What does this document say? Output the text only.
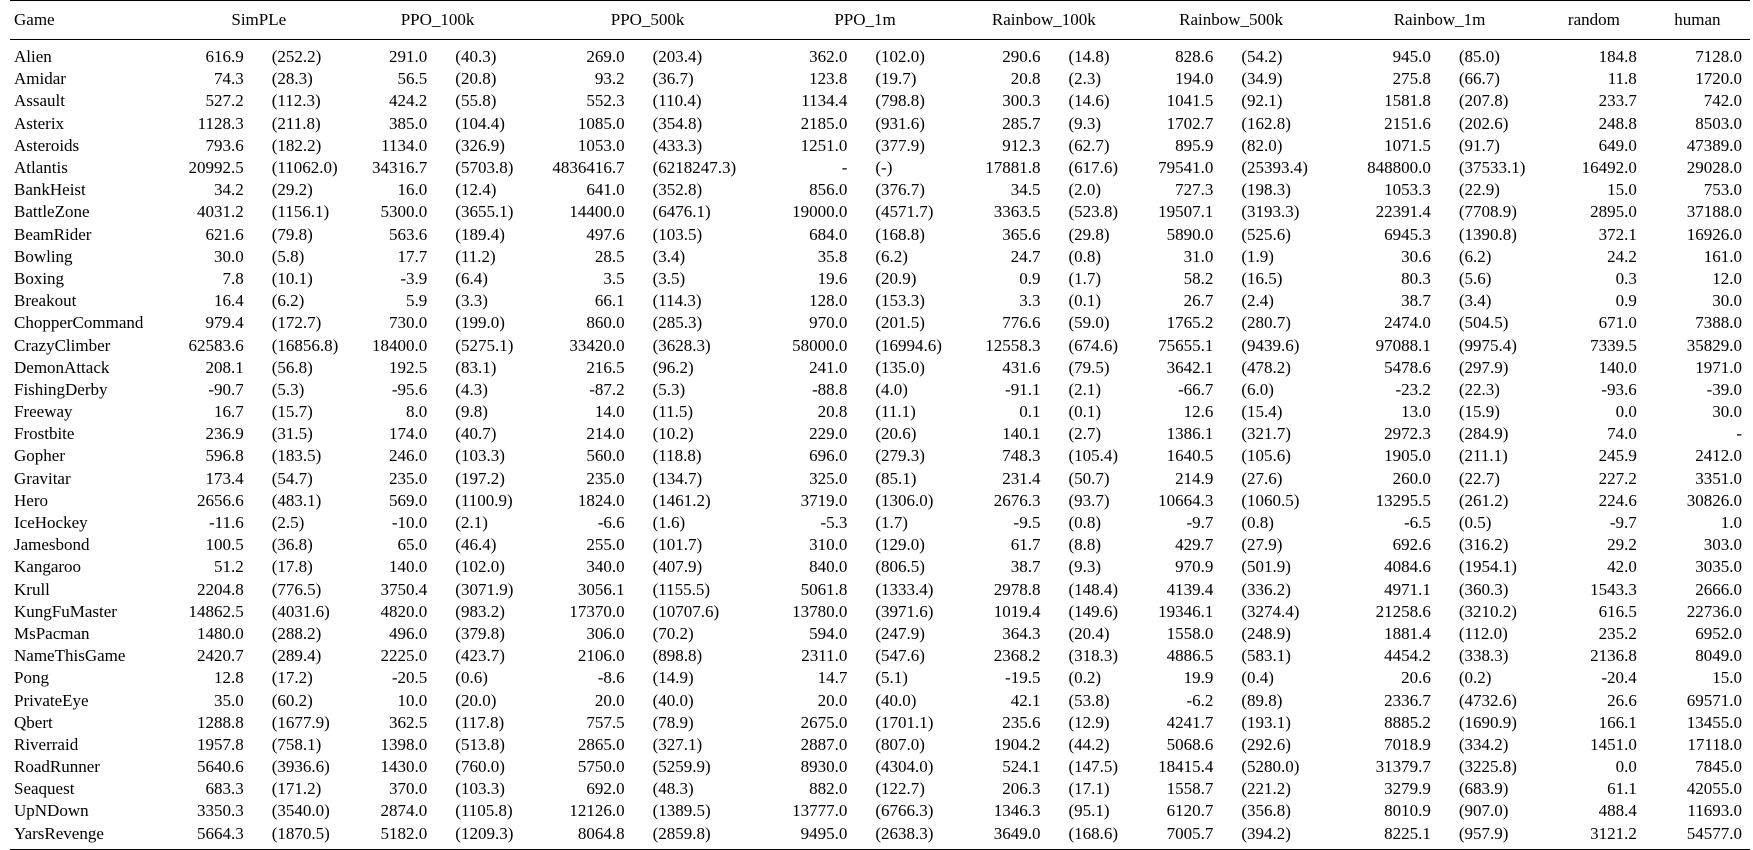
Game	SimPLe		PPO_100k		PPO_500k		PPO_1m		Rainbow_100k		Rainbow_500k		Rainbow_1m		random	human
Alien	616.9	(252.2)	291.0	(40.3)	269.0	(203.4)	362.0	(102.0)	290.6	(14.8)	828.6	(54.2)	945.0	(85.0)	184.8	7128.0
Amidar	74.3	(28.3)	56.5	(20.8)	93.2	(36.7)	123.8	(19.7)	20.8	(2.3)	194.0	(34.9)	275.8	(66.7)	11.8	1720.0
Assault	527.2	(112.3)	424.2	(55.8)	552.3	(110.4)	1134.4	(798.8)	300.3	(14.6)	1041.5	(92.1)	1581.8	(207.8)	233.7	742.0
Asterix	1128.3	(211.8)	385.0	(104.4)	1085.0	(354.8)	2185.0	(931.6)	285.7	(9.3)	1702.7	(162.8)	2151.6	(202.6)	248.8	8503.0
Asteroids	793.6	(182.2)	1134.0	(326.9)	1053.0	(433.3)	1251.0	(377.9)	912.3	(62.7)	895.9	(82.0)	1071.5	(91.7)	649.0	47389.0
Atlantis	20992.5	(11062.0)	34316.7	(5703.8)	4836416.7	(6218247.3)	-	(-)	17881.8	(617.6)	79541.0	(25393.4)	848800.0	(37533.1)	16492.0	29028.0
BankHeist	34.2	(29.2)	16.0	(12.4)	641.0	(352.8)	856.0	(376.7)	34.5	(2.0)	727.3	(198.3)	1053.3	(22.9)	15.0	753.0
BattleZone	4031.2	(1156.1)	5300.0	(3655.1)	14400.0	(6476.1)	19000.0	(4571.7)	3363.5	(523.8)	19507.1	(3193.3)	22391.4	(7708.9)	2895.0	37188.0
BeamRider	621.6	(79.8)	563.6	(189.4)	497.6	(103.5)	684.0	(168.8)	365.6	(29.8)	5890.0	(525.6)	6945.3	(1390.8)	372.1	16926.0
Bowling	30.0	(5.8)	17.7	(11.2)	28.5	(3.4)	35.8	(6.2)	24.7	(0.8)	31.0	(1.9)	30.6	(6.2)	24.2	161.0
Boxing	7.8	(10.1)	-3.9	(6.4)	3.5	(3.5)	19.6	(20.9)	0.9	(1.7)	58.2	(16.5)	80.3	(5.6)	0.3	12.0
Breakout	16.4	(6.2)	5.9	(3.3)	66.1	(114.3)	128.0	(153.3)	3.3	(0.1)	26.7	(2.4)	38.7	(3.4)	0.9	30.0
ChopperCommand	979.4	(172.7)	730.0	(199.0)	860.0	(285.3)	970.0	(201.5)	776.6	(59.0)	1765.2	(280.7)	2474.0	(504.5)	671.0	7388.0
CrazyClimber	62583.6	(16856.8)	18400.0	(5275.1)	33420.0	(3628.3)	58000.0	(16994.6)	12558.3	(674.6)	75655.1	(9439.6)	97088.1	(9975.4)	7339.5	35829.0
DemonAttack	208.1	(56.8)	192.5	(83.1)	216.5	(96.2)	241.0	(135.0)	431.6	(79.5)	3642.1	(478.2)	5478.6	(297.9)	140.0	1971.0
FishingDerby	-90.7	(5.3)	-95.6	(4.3)	-87.2	(5.3)	-88.8	(4.0)	-91.1	(2.1)	-66.7	(6.0)	-23.2	(22.3)	-93.6	-39.0
Freeway	16.7	(15.7)	8.0	(9.8)	14.0	(11.5)	20.8	(11.1)	0.1	(0.1)	12.6	(15.4)	13.0	(15.9)	0.0	30.0
Frostbite	236.9	(31.5)	174.0	(40.7)	214.0	(10.2)	229.0	(20.6)	140.1	(2.7)	1386.1	(321.7)	2972.3	(284.9)	74.0	-
Gopher	596.8	(183.5)	246.0	(103.3)	560.0	(118.8)	696.0	(279.3)	748.3	(105.4)	1640.5	(105.6)	1905.0	(211.1)	245.9	2412.0
Gravitar	173.4	(54.7)	235.0	(197.2)	235.0	(134.7)	325.0	(85.1)	231.4	(50.7)	214.9	(27.6)	260.0	(22.7)	227.2	3351.0
Hero	2656.6	(483.1)	569.0	(1100.9)	1824.0	(1461.2)	3719.0	(1306.0)	2676.3	(93.7)	10664.3	(1060.5)	13295.5	(261.2)	224.6	30826.0
IceHockey	-11.6	(2.5)	-10.0	(2.1)	-6.6	(1.6)	-5.3	(1.7)	-9.5	(0.8)	-9.7	(0.8)	-6.5	(0.5)	-9.7	1.0
Jamesbond	100.5	(36.8)	65.0	(46.4)	255.0	(101.7)	310.0	(129.0)	61.7	(8.8)	429.7	(27.9)	692.6	(316.2)	29.2	303.0
Kangaroo	51.2	(17.8)	140.0	(102.0)	340.0	(407.9)	840.0	(806.5)	38.7	(9.3)	970.9	(501.9)	4084.6	(1954.1)	42.0	3035.0
Krull	2204.8	(776.5)	3750.4	(3071.9)	3056.1	(1155.5)	5061.8	(1333.4)	2978.8	(148.4)	4139.4	(336.2)	4971.1	(360.3)	1543.3	2666.0
KungFuMaster	14862.5	(4031.6)	4820.0	(983.2)	17370.0	(10707.6)	13780.0	(3971.6)	1019.4	(149.6)	19346.1	(3274.4)	21258.6	(3210.2)	616.5	22736.0
MsPacman	1480.0	(288.2)	496.0	(379.8)	306.0	(70.2)	594.0	(247.9)	364.3	(20.4)	1558.0	(248.9)	1881.4	(112.0)	235.2	6952.0
NameThisGame	2420.7	(289.4)	2225.0	(423.7)	2106.0	(898.8)	2311.0	(547.6)	2368.2	(318.3)	4886.5	(583.1)	4454.2	(338.3)	2136.8	8049.0
Pong	12.8	(17.2)	-20.5	(0.6)	-8.6	(14.9)	14.7	(5.1)	-19.5	(0.2)	19.9	(0.4)	20.6	(0.2)	-20.4	15.0
PrivateEye	35.0	(60.2)	10.0	(20.0)	20.0	(40.0)	20.0	(40.0)	42.1	(53.8)	-6.2	(89.8)	2336.7	(4732.6)	26.6	69571.0
Qbert	1288.8	(1677.9)	362.5	(117.8)	757.5	(78.9)	2675.0	(1701.1)	235.6	(12.9)	4241.7	(193.1)	8885.2	(1690.9)	166.1	13455.0
Riverraid	1957.8	(758.1)	1398.0	(513.8)	2865.0	(327.1)	2887.0	(807.0)	1904.2	(44.2)	5068.6	(292.6)	7018.9	(334.2)	1451.0	17118.0
RoadRunner	5640.6	(3936.6)	1430.0	(760.0)	5750.0	(5259.9)	8930.0	(4304.0)	524.1	(147.5)	18415.4	(5280.0)	31379.7	(3225.8)	0.0	7845.0
Seaquest	683.3	(171.2)	370.0	(103.3)	692.0	(48.3)	882.0	(122.7)	206.3	(17.1)	1558.7	(221.2)	3279.9	(683.9)	61.1	42055.0
UpNDown	3350.3	(3540.0)	2874.0	(1105.8)	12126.0	(1389.5)	13777.0	(6766.3)	1346.3	(95.1)	6120.7	(356.8)	8010.9	(907.0)	488.4	11693.0
YarsRevenge	5664.3	(1870.5)	5182.0	(1209.3)	8064.8	(2859.8)	9495.0	(2638.3)	3649.0	(168.6)	7005.7	(394.2)	8225.1	(957.9)	3121.2	54577.0
